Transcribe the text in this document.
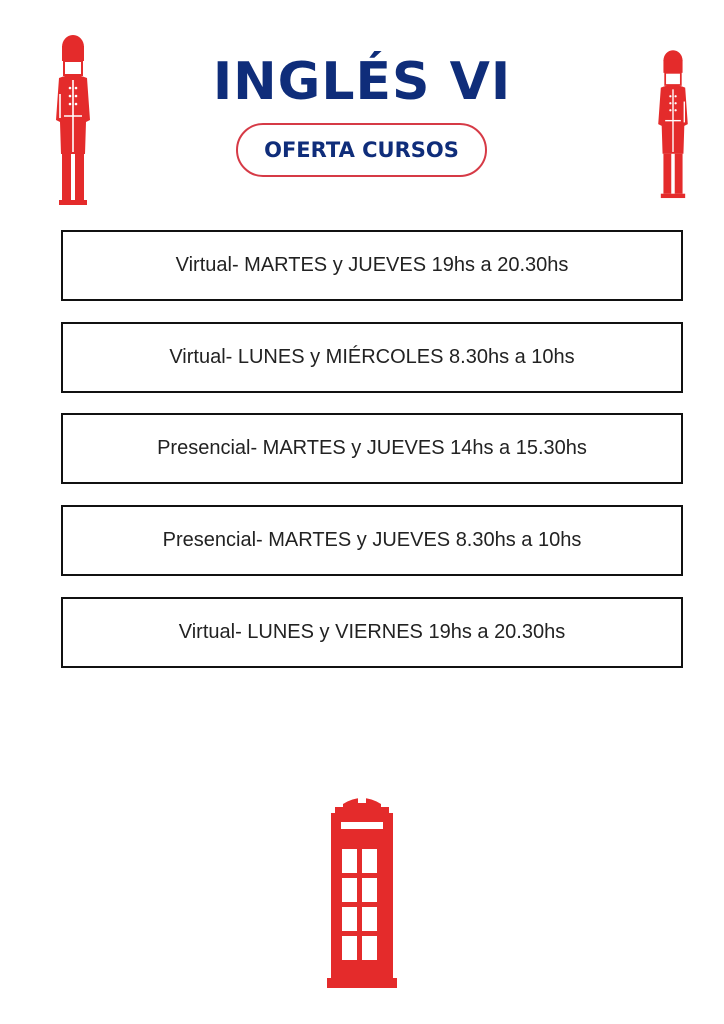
INGLÉS VI
OFERTA CURSOS
Virtual- MARTES y JUEVES 19hs a 20.30hs
Virtual- LUNES y MIÉRCOLES 8.30hs a 10hs
Presencial- MARTES y JUEVES 14hs a 15.30hs
Presencial- MARTES y JUEVES 8.30hs a 10hs
Virtual- LUNES y VIERNES 19hs a 20.30hs
